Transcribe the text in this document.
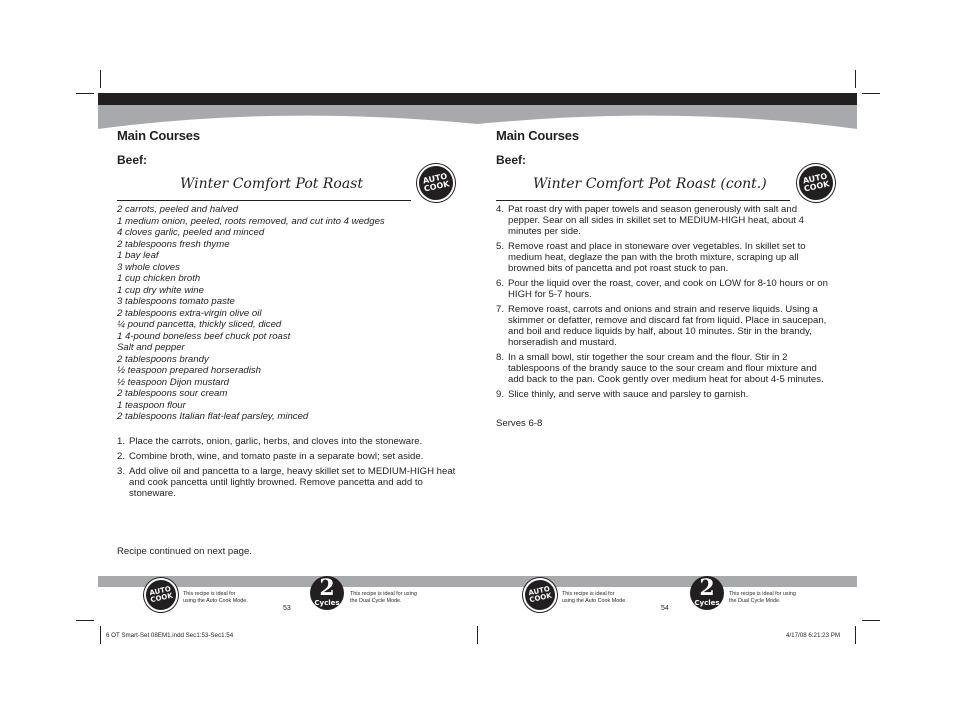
Main Courses
Beef:
Winter Comfort Pot Roast	AUTO COOK
2 carrots, peeled and halved
1 medium onion, peeled, roots removed, and cut into 4 wedges
4 cloves garlic, peeled and minced
2 tablespoons fresh thyme
1 bay leaf
3 whole cloves
1 cup chicken broth
1 cup dry white wine
3 tablespoons tomato paste
2 tablespoons extra-virgin olive oil
¼ pound pancetta, thickly sliced, diced
1 4-pound boneless beef chuck pot roast
Salt and pepper
2 tablespoons brandy
½ teaspoon prepared horseradish
½ teaspoon Dijon mustard
2 tablespoons sour cream
1 teaspoon flour
2 tablespoons Italian flat-leaf parsley, minced
1. Place the carrots, onion, garlic, herbs, and cloves into the stoneware.
2. Combine broth, wine, and tomato paste in a separate bowl; set aside.
3. Add olive oil and pancetta to a large, heavy skillet set to MEDIUM-HIGH heat and cook pancetta until lightly browned. Remove pancetta and add to stoneware.
Recipe continued on next page.
Main Courses
Beef:
Winter Comfort Pot Roast (cont.)	AUTO COOK
4. Pat roast dry with paper towels and season generously with salt and pepper. Sear on all sides in skillet set to MEDIUM-HIGH heat, about 4 minutes per side.
5. Remove roast and place in stoneware over vegetables. In skillet set to medium heat, deglaze the pan with the broth mixture, scraping up all browned bits of pancetta and pot roast stuck to pan.
6. Pour the liquid over the roast, cover, and cook on LOW for 8-10 hours or on HIGH for 5-7 hours.
7. Remove roast, carrots and onions and strain and reserve liquids. Using a skimmer or defatter, remove and discard fat from liquid. Place in saucepan, and boil and reduce liquids by half, about 10 minutes. Stir in the brandy, horseradish and mustard.
8. In a small bowl, stir together the sour cream and the flour. Stir in 2 tablespoons of the brandy sauce to the sour cream and flour mixture and add back to the pan. Cook gently over medium heat for about 4-5 minutes.
9. Slice thinly, and serve with sauce and parsley to garnish.
Serves 6-8
AUTO COOK This recipe is ideal for
using the Auto Cook Mode.	2
Cycles
This recipe is ideal for using
the Dual Cycle Mode.
53
AUTO COOK This recipe is ideal for
using the Auto Cook Mode.
54
2
Cycles
This recipe is ideal for using
the Dual Cycle Mode.
6 OT Smart-Set 08EM1.indd Sec1:53-Sec1:54	4/17/08 6:21:23 PM
